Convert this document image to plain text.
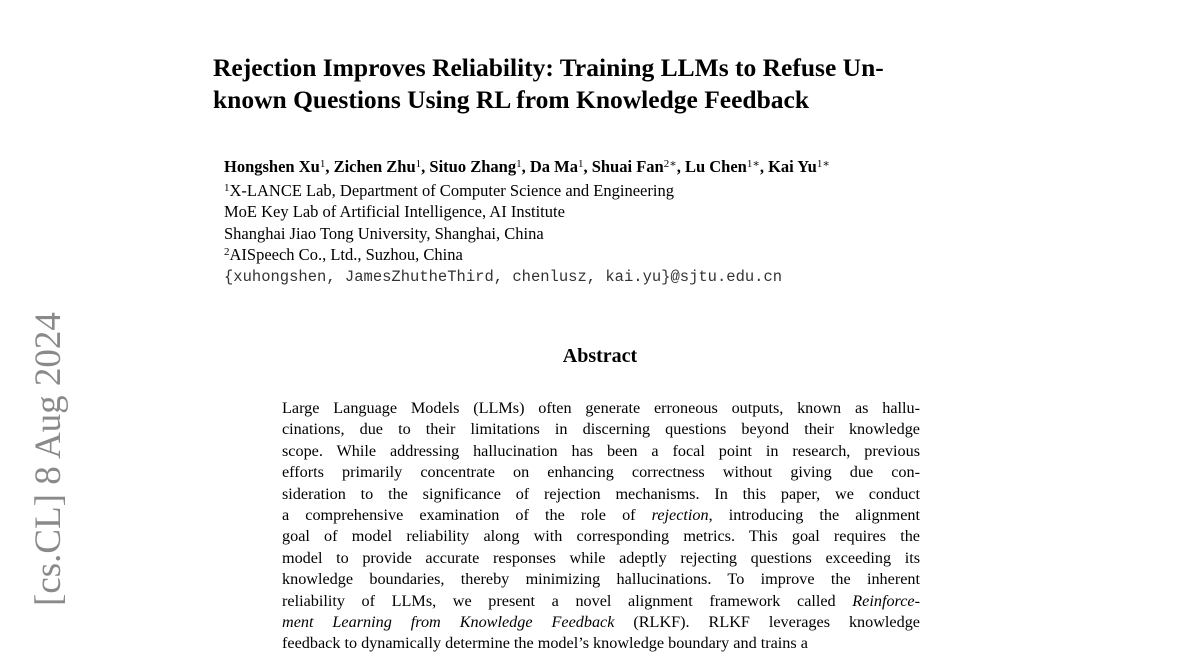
[cs.CL] 8 Aug 2024
Rejection Improves Reliability: Training LLMs to Refuse Un-
known Questions Using RL from Knowledge Feedback
Hongshen Xu$^1$, Zichen Zhu$^1$, Situo Zhang$^1$, Da Ma$^1$, Shuai Fan$^{2∗}$, Lu Chen$^{1∗}$, Kai $Yu^{1∗}$
$^1$X-LANCE Lab, Department of Computer Science and Engineering
MoE Key Lab of Artificial Intelligence, AI Institute
Shanghai Jiao Tong University, Shanghai, China
$^2$AISpeech Co., Ltd., Suzhou, China
{xuhongshen, JamesZhutheThird, chenlusz, kai.yu}@sjtu.edu.cn
Abstract
Large Language Models (LLMs) often generate erroneous outputs, known as hallu-
cinations, due to their limitations in discerning questions beyond their knowledge
scope. While addressing hallucination has been a focal point in research, previous
efforts primarily concentrate on enhancing correctness without giving due con-
sideration to the significance of rejection mechanisms. In this paper, we conduct
a comprehensive examination of the role of rejection, introducing the alignment
goal of model reliability along with corresponding metrics. This goal requires the
model to provide accurate responses while adeptly rejecting questions exceeding its
knowledge boundaries, thereby minimizing hallucinations. To improve the inherent
reliability of LLMs, we present a novel alignment framework called Reinforce-
ment Learning from Knowledge Feedback (RLKF). RLKF leverages knowledge
feedback to dynamically determine the model’s knowledge boundary and trains a
